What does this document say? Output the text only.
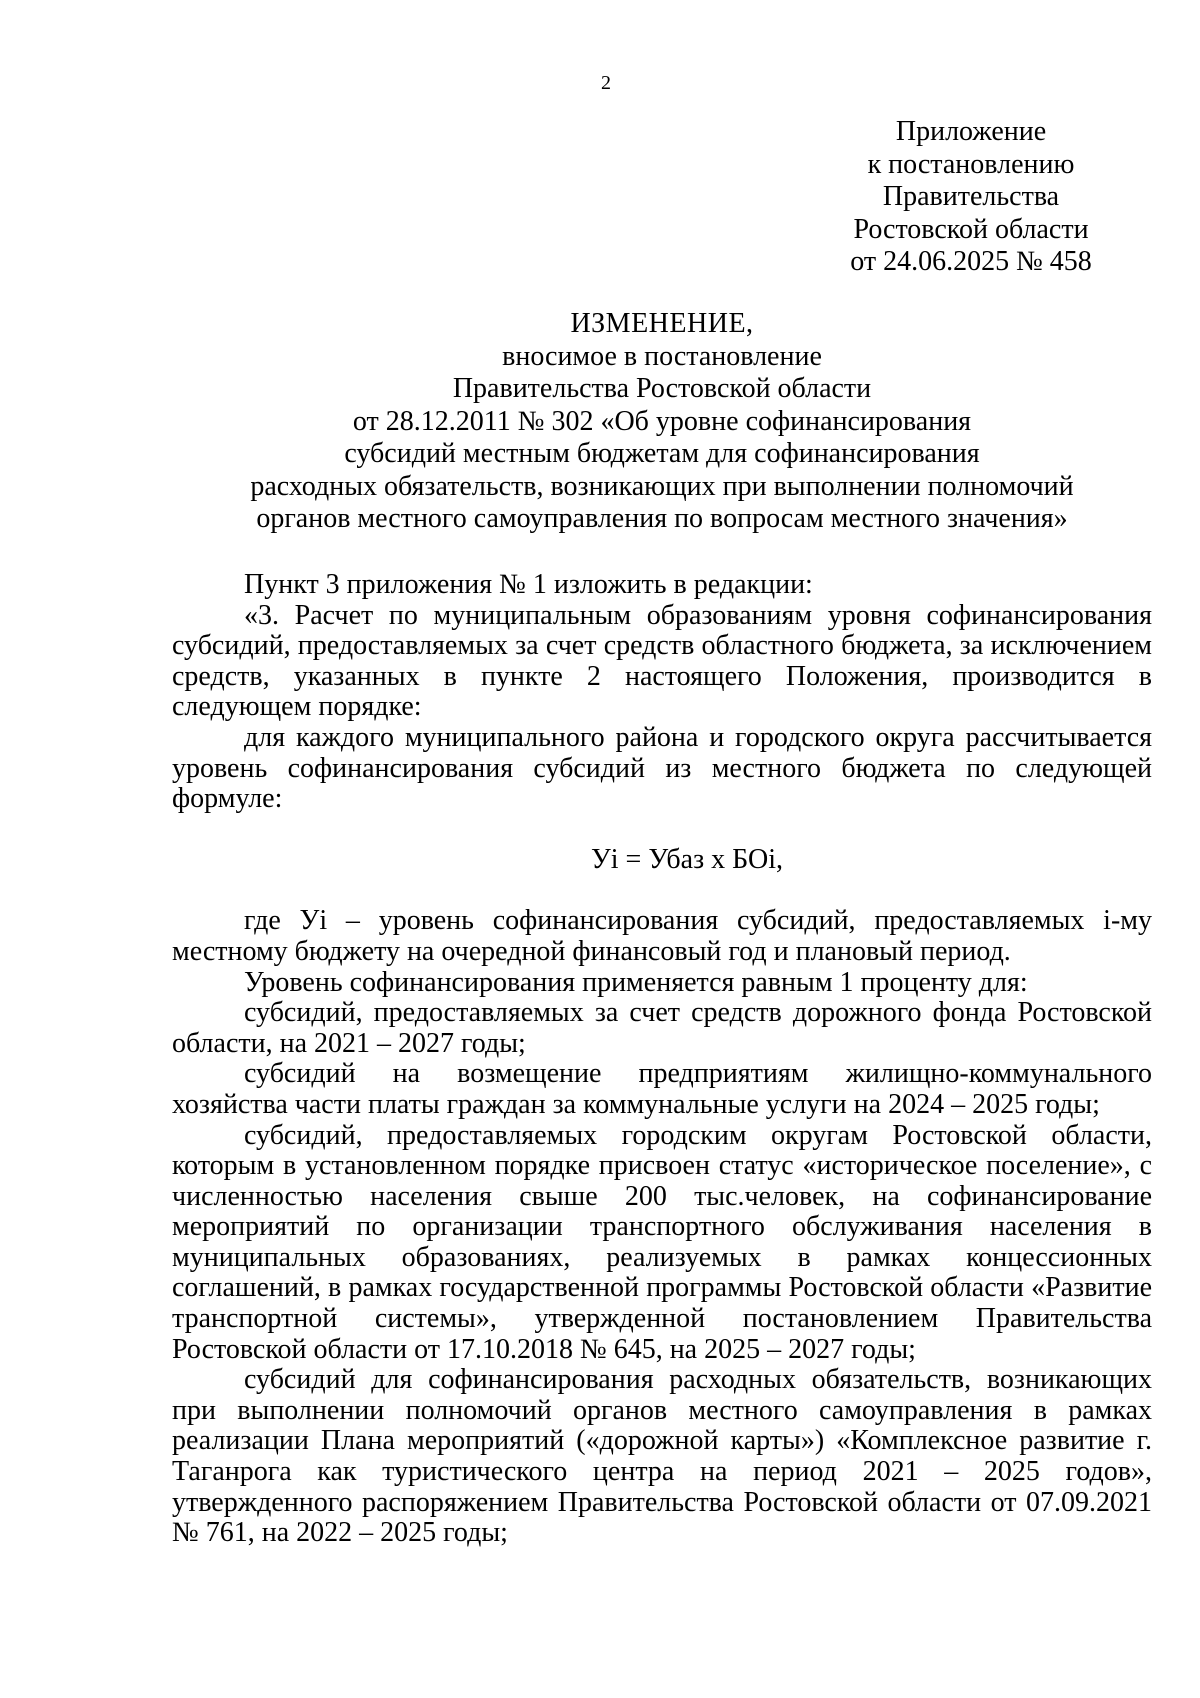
2
Приложение
к постановлению
Правительства
Ростовской области
от 24.06.2025 № 458
ИЗМЕНЕНИЕ,
вносимое в постановление
Правительства Ростовской области
от 28.12.2011 № 302 «Об уровне софинансирования
субсидий местным бюджетам для софинансирования
расходных обязательств, возникающих при выполнении полномочий
органов местного самоуправления по вопросам местного значения»

Пункт 3 приложения № 1 изложить в редакции:

«3. Расчет по муниципальным образованиям уровня софинансирования субсидий, предоставляемых за счет средств областного бюджета, за исключением средств, указанных в пункте 2 настоящего Положения, производится в следующем порядке:

для каждого муниципального района и городского округа рассчитывается уровень софинансирования субсидий из местного бюджета по следующей формуле:

Уi = Убаз х БОi,

где Уi – уровень софинансирования субсидий, предоставляемых i-му местному бюджету на очередной финансовый год и плановый период.

Уровень софинансирования применяется равным 1 проценту для:

субсидий, предоставляемых за счет средств дорожного фонда Ростовской области, на 2021 – 2027 годы;

субсидий на возмещение предприятиям жилищно-коммунального хозяйства части платы граждан за коммунальные услуги на 2024 – 2025 годы;

субсидий, предоставляемых городским округам Ростовской области, которым в установленном порядке присвоен статус «историческое поселение», с численностью населения свыше 200 тыс.человек, на софинансирование мероприятий по организации транспортного обслуживания населения в муниципальных образованиях, реализуемых в рамках концессионных соглашений, в рамках государственной программы Ростовской области «Развитие транспортной системы», утвержденной постановлением Правительства Ростовской области от 17.10.2018 № 645, на 2025 – 2027 годы;

субсидий для софинансирования расходных обязательств, возникающих при выполнении полномочий органов местного самоуправления в рамках реализации Плана мероприятий («дорожной карты») «Комплексное развитие г. Таганрога как туристического центра на период 2021 – 2025 годов», утвержденного распоряжением Правительства Ростовской области от 07.09.2021 № 761, на 2022 – 2025 годы;
